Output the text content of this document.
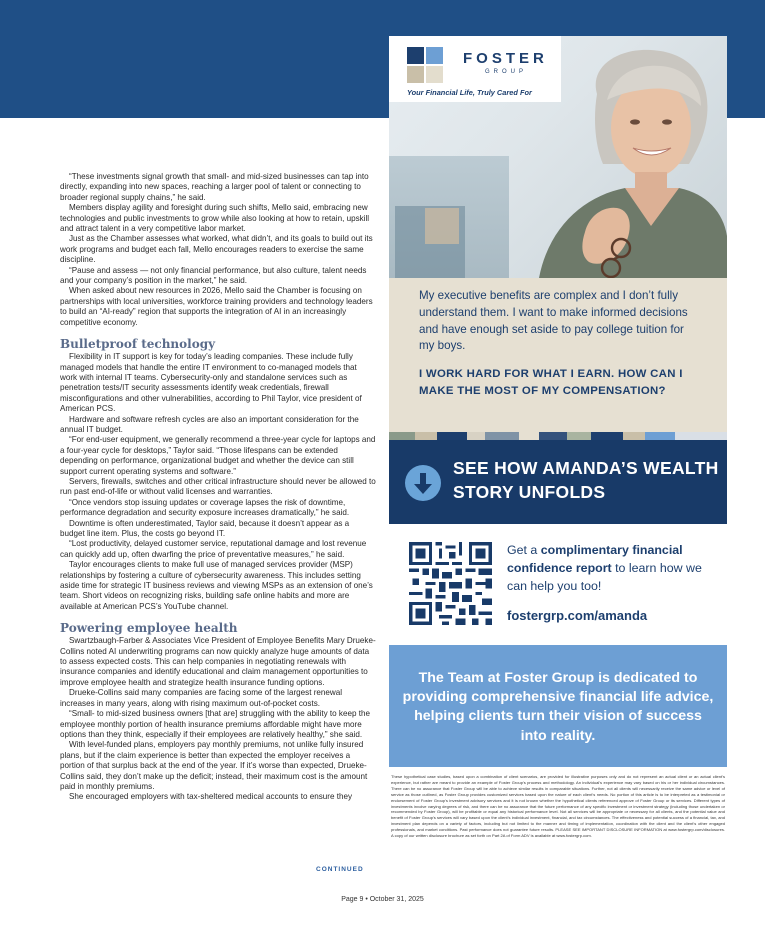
“These investments signal growth that small- and mid-sized businesses can tap into directly, expanding into new spaces, reaching a larger pool of talent or connecting to broader regional supply chains,” he said.

Members display agility and foresight during such shifts, Mello said, embracing new technologies and public investments to grow while also looking at how to retain, upskill and attract talent in a very competitive labor market.

Just as the Chamber assesses what worked, what didn’t, and its goals to build out its work programs and budget each fall, Mello encourages readers to exercise the same discipline.

“Pause and assess — not only financial performance, but also culture, talent needs and your company’s position in the market,” he said.

When asked about new resources in 2026, Mello said the Chamber is focusing on partnerships with local universities, workforce training providers and technology leaders to build an “AI-ready” region that supports the integration of AI in an increasingly competitive economy.

Bulletproof technology

Flexibility in IT support is key for today’s leading companies. These include fully managed models that handle the entire IT environment to co-managed models that work with internal IT teams. Cybersecurity-only and standalone services such as penetration tests/IT security assessments identify weak credentials, firewall misconfigurations and other vulnerabilities, according to Phil Taylor, vice president of American PCS.

Hardware and software refresh cycles are also an important consideration for the annual IT budget.

“For end-user equipment, we generally recommend a three-year cycle for laptops and a four-year cycle for desktops,” Taylor said. “Those lifespans can be extended depending on performance, organizational budget and whether the device can still support current operating systems and software.”

Servers, firewalls, switches and other critical infrastructure should never be allowed to run past end-of-life or without valid licenses and warranties.

“Once vendors stop issuing updates or coverage lapses the risk of downtime, performance degradation and security exposure increases dramatically,” he said.

Downtime is often underestimated, Taylor said, because it doesn’t appear as a budget line item. Plus, the costs go beyond IT.

“Lost productivity, delayed customer service, reputational damage and lost revenue can quickly add up, often dwarfing the price of preventative measures,” he said.

Taylor encourages clients to make full use of managed services provider (MSP) relationships by fostering a culture of cybersecurity awareness. This includes setting aside time for strategic IT business reviews and viewing MSPs as an extension of one’s team. Short videos on recognizing risks, building safe online habits and more are available at American PCS’s YouTube channel.

Powering employee health

Swartzbaugh-Farber & Associates Vice President of Employee Benefits Mary Drueke-Collins noted AI underwriting programs can now quickly analyze huge amounts of data to assess expected costs. This can help companies in negotiating renewals with insurance companies and identify educational and claim management opportunities to improve employee health and strategize health insurance funding options.

Drueke-Collins said many companies are facing some of the largest renewal increases in many years, along with rising maximum out-of-pocket costs.

“Small- to mid-sized business owners [that are] struggling with the ability to keep the employee monthly portion of health insurance premiums affordable might have more options than they think, especially if their employees are relatively healthy,” she said.

With level-funded plans, employers pay monthly premiums, not unlike fully insured plans, but if the claim experience is better than expected the employer receives a portion of that surplus back at the end of the year. If it’s worse than expected, Drueke-Collins said, they don’t make up the deficit; instead, their maximum cost is the amount paid in monthly premiums.

She encouraged employers with tax-sheltered medical accounts to ensure they

CONTINUED
Page 9 • October 31, 2025
FOSTER
GROUP
Your Financial Life, Truly Cared For
My executive benefits are complex and I don’t fully understand them. I want to make informed decisions and have enough set aside to pay college tuition for my boys.
I WORK HARD FOR WHAT I EARN. HOW CAN I MAKE THE MOST OF MY COMPENSATION?
SEE HOW AMANDA’S WEALTH STORY UNFOLDS
Get a complimentary financial confidence report to learn how we can help you too!
fostergrp.com/amanda
The Team at Foster Group is dedicated to providing comprehensive financial life advice, helping clients turn their vision of success into reality.
These hypothetical case studies, based upon a combination of client scenarios, are provided for illustrative purposes only and do not represent an actual client or an actual client’s experience, but rather are meant to provide an example of Foster Group’s process and methodology. An individual’s experience may vary based on his or her individual circumstances. There can be no assurance that Foster Group will be able to achieve similar results in comparable situations. Further, not all clients will necessarily receive the same advice or level of service as those outlined, as Foster Group provides customized services based upon the nature of each client’s needs. No portion of this article is to be interpreted as a testimonial or endorsement of Foster Group’s investment advisory services and it is not known whether the hypothetical clients referenced approve of Foster Group or its services. Different types of investments involve varying degrees of risk, and there can be no assurance that the future performance of any specific investment or investment strategy (including those undertaken or recommended by Foster Group), will be profitable or equal any historical performance level. Not all services will be appropriate or necessary for all clients, and the potential value and benefit of Foster Group’s services will vary based upon the client’s individual investment, financial, and tax circumstances. The effectiveness and potential success of a financial, tax, and investment plan depends on a variety of factors, including but not limited to the manner and timing of implementation, coordination with the client and the client’s other engaged professionals, and market conditions. Past performance does not guarantee future results. PLEASE SEE IMPORTANT DISCLOSURE INFORMATION at www.fostergrp.com/disclosures. A copy of our written disclosure brochure as set forth on Part 2A of Form ADV is available at www.fostergrp.com.
